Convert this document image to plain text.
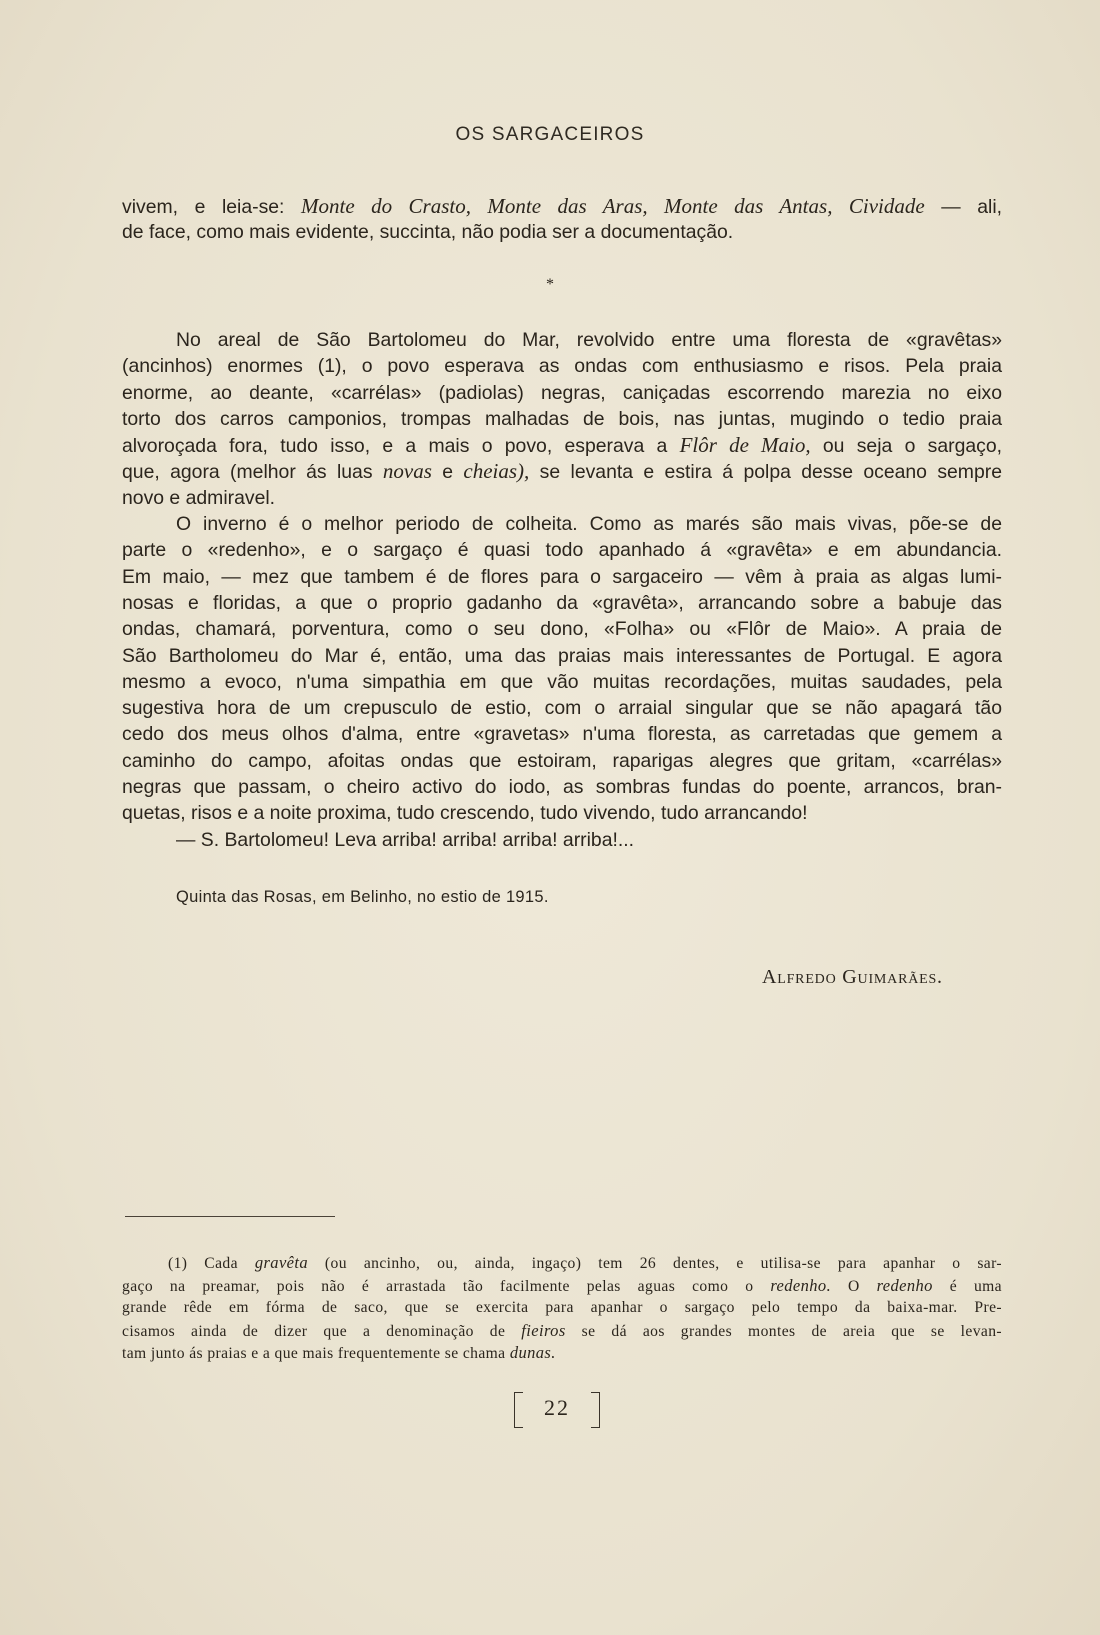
OS SARGACEIROS
vivem, e leia-se: Monte do Crasto, Monte das Aras, Monte das Antas, Cividade — ali,
de face, como mais evidente, succinta, não podia ser a documentação.
*
No areal de São Bartolomeu do Mar, revolvido entre uma floresta de «gravêtas»
(ancinhos) enormes (1), o povo esperava as ondas com enthusiasmo e risos. Pela praia
enorme, ao deante, «carrélas» (padiolas) negras, caniçadas escorrendo marezia no eixo
torto dos carros camponios, trompas malhadas de bois, nas juntas, mugindo o tedio praia
alvoroçada fora, tudo isso, e a mais o povo, esperava a Flôr de Maio, ou seja o sargaço,
que, agora (melhor ás luas novas e cheias), se levanta e estira á polpa desse oceano sempre
novo e admiravel.
O inverno é o melhor periodo de colheita. Como as marés são mais vivas, põe-se de
parte o «redenho», e o sargaço é quasi todo apanhado á «gravêta» e em abundancia.
Em maio, — mez que tambem é de flores para o sargaceiro — vêm à praia as algas lumi-
nosas e floridas, a que o proprio gadanho da «gravêta», arrancando sobre a babuje das
ondas, chamará, porventura, como o seu dono, «Folha» ou «Flôr de Maio». A praia de
São Bartholomeu do Mar é, então, uma das praias mais interessantes de Portugal. E agora
mesmo a evoco, n'uma simpathia em que vão muitas recordações, muitas saudades, pela
sugestiva hora de um crepusculo de estio, com o arraial singular que se não apagará tão
cedo dos meus olhos d'alma, entre «gravetas» n'uma floresta, as carretadas que gemem a
caminho do campo, afoitas ondas que estoiram, raparigas alegres que gritam, «carrélas»
negras que passam, o cheiro activo do iodo, as sombras fundas do poente, arrancos, bran-
quetas, risos e a noite proxima, tudo crescendo, tudo vivendo, tudo arrancando!
— S. Bartolomeu! Leva arriba! arriba! arriba! arriba!...
Quinta das Rosas, em Belinho, no estio de 1915.
Alfredo Guimarães.
(1) Cada gravêta (ou ancinho, ou, ainda, ingaço) tem 26 dentes, e utilisa-se para apanhar o sar-
gaço na preamar, pois não é arrastada tão facilmente pelas aguas como o redenho. O redenho é uma
grande rêde em fórma de saco, que se exercita para apanhar o sargaço pelo tempo da baixa-mar. Pre-
cisamos ainda de dizer que a denominação de fieiros se dá aos grandes montes de areia que se levan-
tam junto ás praias e a que mais frequentemente se chama dunas.
22
